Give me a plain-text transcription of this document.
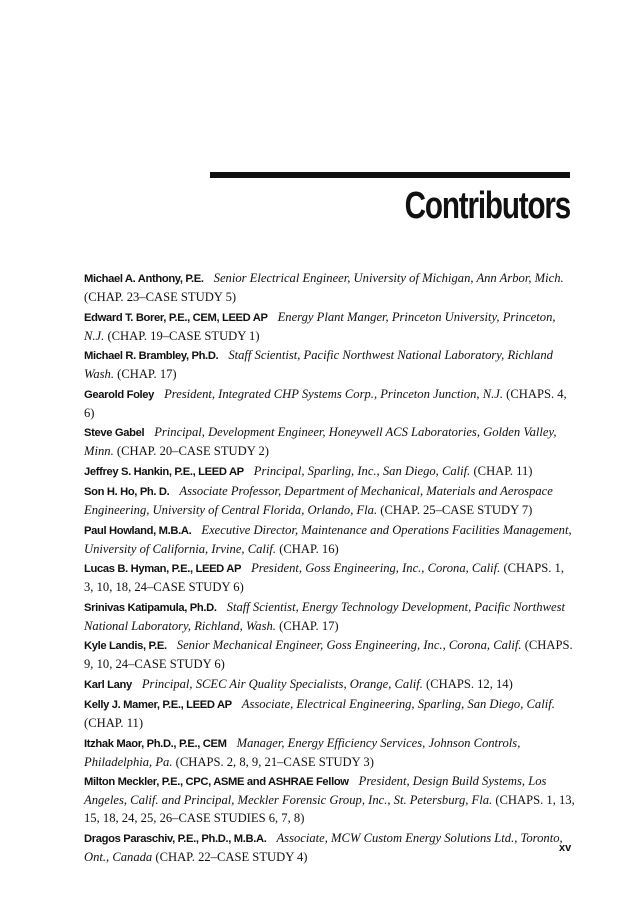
Contributors
Michael A. Anthony, P.E. Senior Electrical Engineer, University of Michigan, Ann Arbor, Mich. (CHAP. 23–CASE STUDY 5)
Edward T. Borer, P.E., CEM, LEED AP Energy Plant Manger, Princeton University, Princeton, N.J. (CHAP. 19–CASE STUDY 1)
Michael R. Brambley, Ph.D. Staff Scientist, Pacific Northwest National Laboratory, Richland Wash. (CHAP. 17)
Gearold Foley President, Integrated CHP Systems Corp., Princeton Junction, N.J. (CHAPS. 4, 6)
Steve Gabel Principal, Development Engineer, Honeywell ACS Laboratories, Golden Valley, Minn. (CHAP. 20–CASE STUDY 2)
Jeffrey S. Hankin, P.E., LEED AP Principal, Sparling, Inc., San Diego, Calif. (CHAP. 11)
Son H. Ho, Ph. D. Associate Professor, Department of Mechanical, Materials and Aerospace Engineering, University of Central Florida, Orlando, Fla. (CHAP. 25–CASE STUDY 7)
Paul Howland, M.B.A. Executive Director, Maintenance and Operations Facilities Management, University of California, Irvine, Calif. (CHAP. 16)
Lucas B. Hyman, P.E., LEED AP President, Goss Engineering, Inc., Corona, Calif. (CHAPS. 1, 3, 10, 18, 24–CASE STUDY 6)
Srinivas Katipamula, Ph.D. Staff Scientist, Energy Technology Development, Pacific Northwest National Laboratory, Richland, Wash. (CHAP. 17)
Kyle Landis, P.E. Senior Mechanical Engineer, Goss Engineering, Inc., Corona, Calif. (CHAPS. 9, 10, 24–CASE STUDY 6)
Karl Lany Principal, SCEC Air Quality Specialists, Orange, Calif. (CHAPS. 12, 14)
Kelly J. Mamer, P.E., LEED AP Associate, Electrical Engineering, Sparling, San Diego, Calif. (CHAP. 11)
Itzhak Maor, Ph.D., P.E., CEM Manager, Energy Efficiency Services, Johnson Controls, Philadelphia, Pa. (CHAPS. 2, 8, 9, 21–CASE STUDY 3)
Milton Meckler, P.E., CPC, ASME and ASHRAE Fellow President, Design Build Systems, Los Angeles, Calif. and Principal, Meckler Forensic Group, Inc., St. Petersburg, Fla. (CHAPS. 1, 13, 15, 18, 24, 25, 26–CASE STUDIES 6, 7, 8)
Dragos Paraschiv, P.E., Ph.D., M.B.A. Associate, MCW Custom Energy Solutions Ltd., Toronto, Ont., Canada (CHAP. 22–CASE STUDY 4)
xv
